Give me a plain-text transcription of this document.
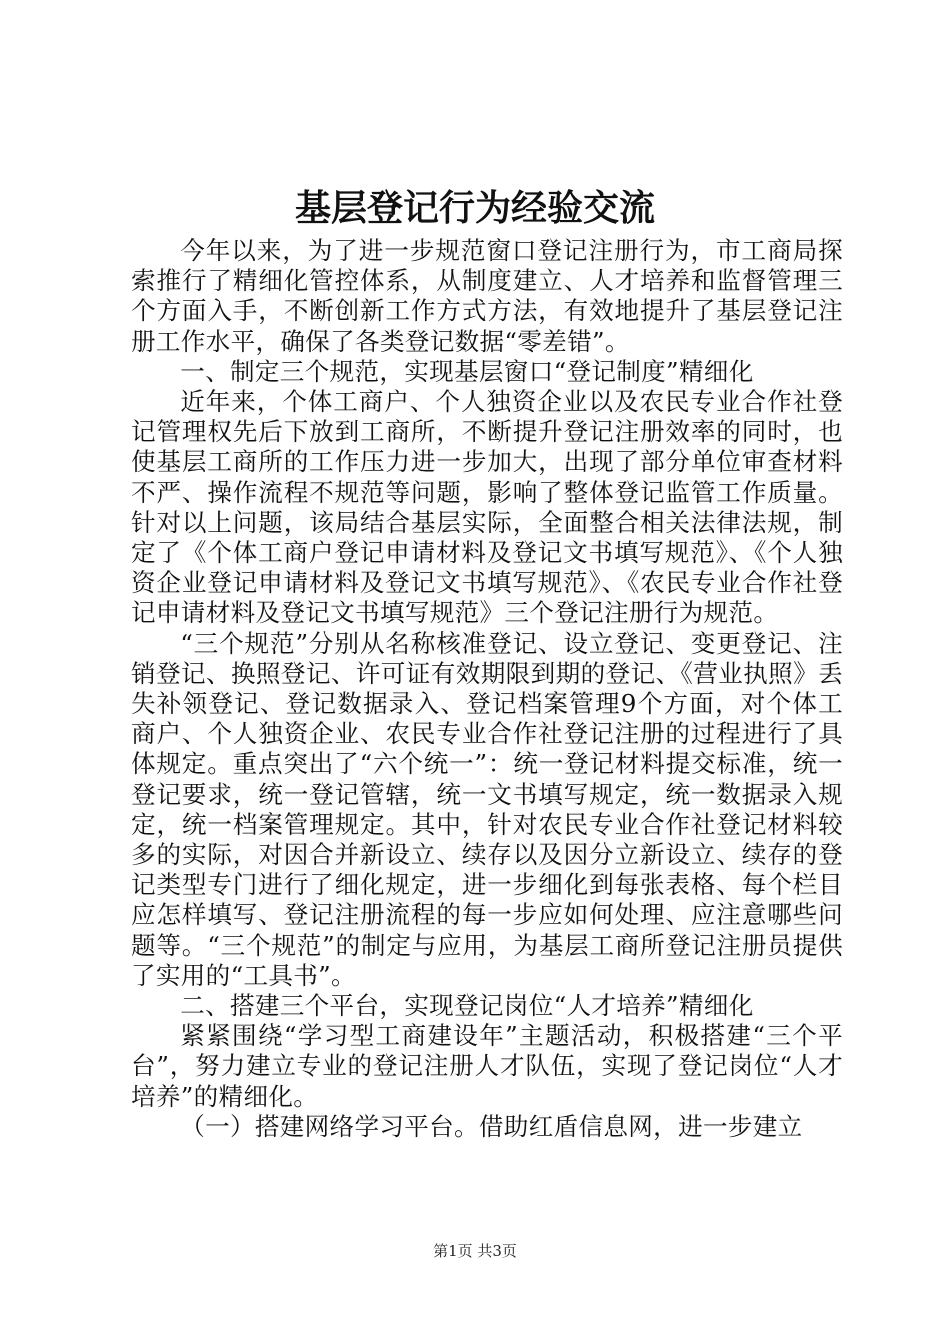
基层登记行为经验交流

今年以来，为了进一步规范窗口登记注册行为，市工商局探索推行了精细化管控体系，从制度建立、人才培养和监督管理三个方面入手，不断创新工作方式方法，有效地提升了基层登记注册工作水平，确保了各类登记数据“零差错”。

一、制定三个规范，实现基层窗口“登记制度”精细化

近年来，个体工商户、个人独资企业以及农民专业合作社登记管理权先后下放到工商所，不断提升登记注册效率的同时，也使基层工商所的工作压力进一步加大，出现了部分单位审查材料不严、操作流程不规范等问题，影响了整体登记监管工作质量。针对以上问题，该局结合基层实际，全面整合相关法律法规，制定了《个体工商户登记申请材料及登记文书填写规范》、《个人独资企业登记申请材料及登记文书填写规范》、《农民专业合作社登记申请材料及登记文书填写规范》三个登记注册行为规范。

“三个规范”分别从名称核准登记、设立登记、变更登记、注销登记、换照登记、许可证有效期限到期的登记、《营业执照》丢失补领登记、登记数据录入、登记档案管理9个方面，对个体工商户、个人独资企业、农民专业合作社登记注册的过程进行了具体规定。重点突出了“六个统一”：统一登记材料提交标准，统一登记要求，统一登记管辖，统一文书填写规定，统一数据录入规定，统一档案管理规定。其中，针对农民专业合作社登记材料较多的实际，对因合并新设立、续存以及因分立新设立、续存的登记类型专门进行了细化规定，进一步细化到每张表格、每个栏目应怎样填写、登记注册流程的每一步应如何处理、应注意哪些问题等。“三个规范”的制定与应用，为基层工商所登记注册员提供了实用的“工具书”。

二、搭建三个平台，实现登记岗位“人才培养”精细化

紧紧围绕“学习型工商建设年”主题活动，积极搭建“三个平台”，努力建立专业的登记注册人才队伍，实现了登记岗位“人才培养”的精细化。

（一）搭建网络学习平台。借助红盾信息网，进一步建立

第1页 共3页
